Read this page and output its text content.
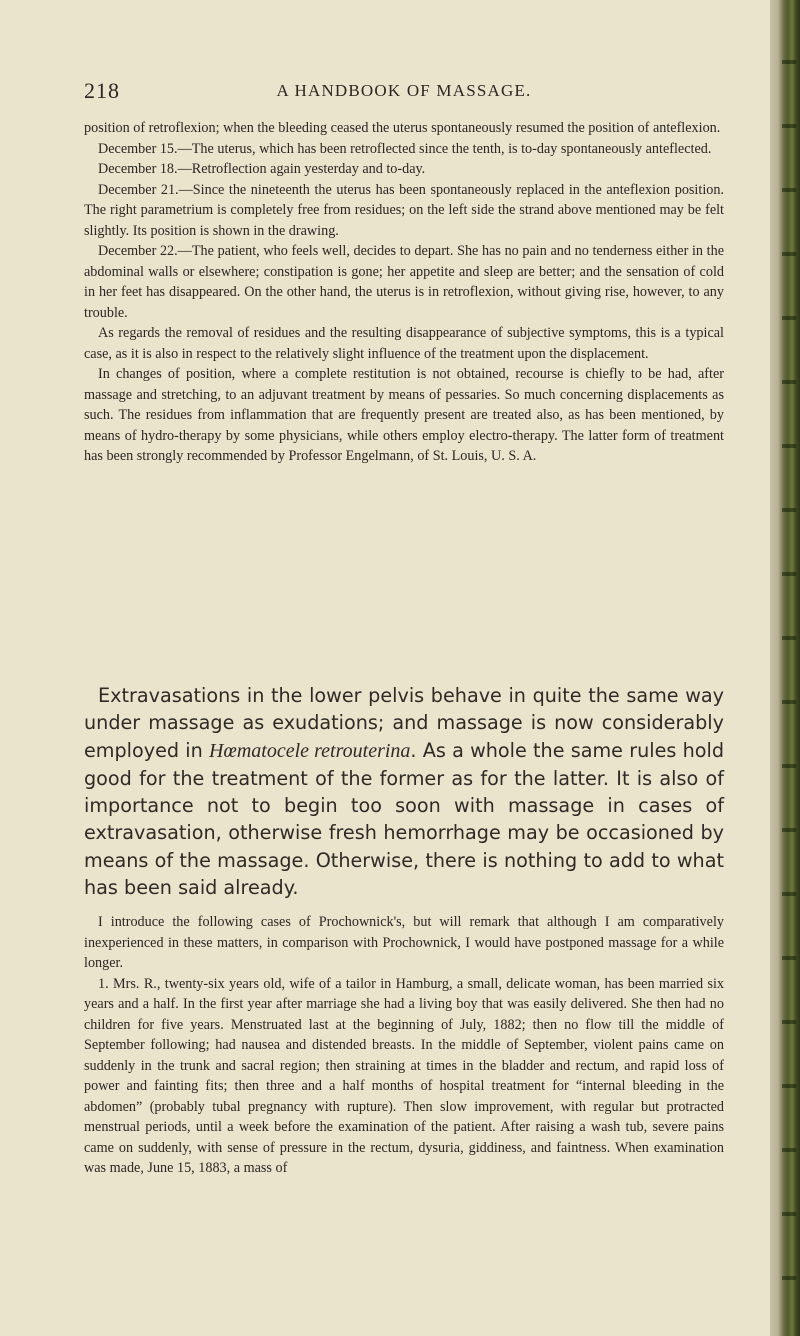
218	A HANDBOOK OF MASSAGE.

position of retroflexion; when the bleeding ceased the uterus spontaneously resumed the position of anteflexion.

December 15.—The uterus, which has been retroflected since the tenth, is to-day spontaneously anteflected.

December 18.—Retroflection again yesterday and to-day.

December 21.—Since the nineteenth the uterus has been spontaneously replaced in the anteflexion position. The right parametrium is completely free from residues; on the left side the strand above mentioned may be felt slightly. Its position is shown in the drawing.

December 22.—The patient, who feels well, decides to depart. She has no pain and no tenderness either in the abdominal walls or elsewhere; constipation is gone; her appetite and sleep are better; and the sensation of cold in her feet has disappeared. On the other hand, the uterus is in retroflexion, without giving rise, however, to any trouble.

As regards the removal of residues and the resulting disappearance of subjective symptoms, this is a typical case, as it is also in respect to the relatively slight influence of the treatment upon the displacement.

In changes of position, where a complete restitution is not obtained, recourse is chiefly to be had, after massage and stretching, to an adjuvant treatment by means of pessaries. So much concerning displacements as such. The residues from inflammation that are frequently present are treated also, as has been mentioned, by means of hydro-therapy by some physicians, while others employ electro-therapy. The latter form of treatment has been strongly recommended by Professor Engelmann, of St. Louis, U. S. A.

Extravasations in the lower pelvis behave in quite the same way under massage as exudations; and massage is now considerably employed in Hœmatocele retrouterina. As a whole the same rules hold good for the treatment of the former as for the latter. It is also of importance not to begin too soon with massage in cases of extravasation, otherwise fresh hemorrhage may be occasioned by means of the massage. Otherwise, there is nothing to add to what has been said already.

I introduce the following cases of Prochownick's, but will remark that although I am comparatively inexperienced in these matters, in comparison with Prochownick, I would have postponed massage for a while longer.

1. Mrs. R., twenty-six years old, wife of a tailor in Hamburg, a small, delicate woman, has been married six years and a half. In the first year after marriage she had a living boy that was easily delivered. She then had no children for five years. Menstruated last at the beginning of July, 1882; then no flow till the middle of September following; had nausea and distended breasts. In the middle of September, violent pains came on suddenly in the trunk and sacral region; then straining at times in the bladder and rectum, and rapid loss of power and fainting fits; then three and a half months of hospital treatment for “internal bleeding in the abdomen” (probably tubal pregnancy with rupture). Then slow improvement, with regular but protracted menstrual periods, until a week before the examination of the patient. After raising a wash tub, severe pains came on suddenly, with sense of pressure in the rectum, dysuria, giddiness, and faintness. When examination was made, June 15, 1883, a mass of
